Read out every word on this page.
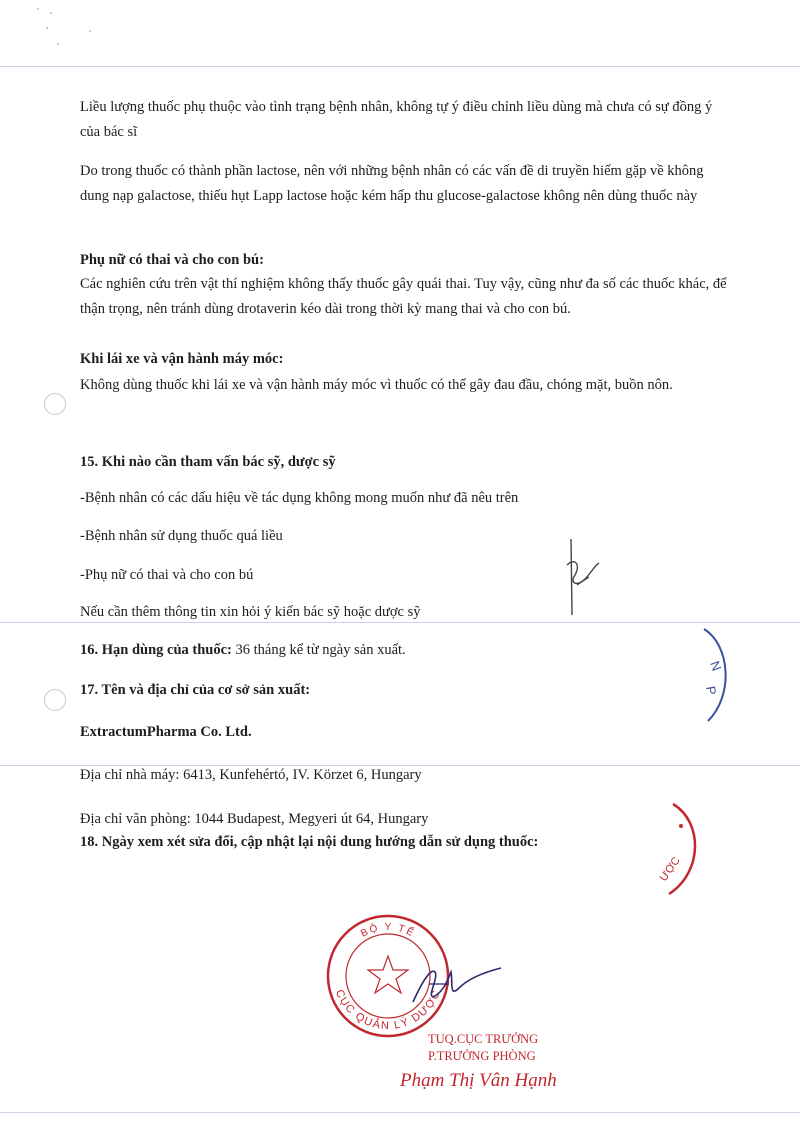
Liều lượng thuốc phụ thuộc vào tình trạng bệnh nhân, không tự ý điều chỉnh liều dùng mà chưa có sự đồng ý của bác sĩ

Do trong thuốc có thành phần lactose, nên với những bệnh nhân có các vấn đề di truyền hiếm gặp về không dung nạp galactose, thiếu hụt Lapp lactose hoặc kém hấp thu glucose-galactose không nên dùng thuốc này

Phụ nữ có thai và cho con bú:

Các nghiên cứu trên vật thí nghiệm không thấy thuốc gây quái thai. Tuy vậy, cũng như đa số các thuốc khác, để thận trọng, nên tránh dùng drotaverin kéo dài trong thời kỳ mang thai và cho con bú.

Khi lái xe và vận hành máy móc:

Không dùng thuốc khi lái xe và vận hành máy móc vì thuốc có thể gây đau đầu, chóng mặt, buồn nôn.

15. Khi nào cần tham vấn bác sỹ, dược sỹ

-Bệnh nhân có các dấu hiệu về tác dụng không mong muốn như đã nêu trên

-Bệnh nhân sử dụng thuốc quá liều

-Phụ nữ có thai và cho con bú

Nếu cần thêm thông tin xin hỏi ý kiến bác sỹ hoặc dược sỹ

16. Hạn dùng của thuốc: 36 tháng kể từ ngày sản xuất.

17. Tên và địa chỉ của cơ sở sản xuất:

ExtractumPharma Co. Ltd.

Địa chỉ nhà máy: 6413, Kunfehértó, IV. Körzet 6, Hungary

Địa chỉ văn phòng: 1044 Budapest, Megyeri út 64, Hungary

18. Ngày xem xét sửa đổi, cập nhật lại nội dung hướng dẫn sử dụng thuốc:

N
P
ƯỢC
BỘ Y TẾ
CỤC QUẢN LÝ DƯỢC
TUQ.CỤC TRƯỞNG
P.TRƯỞNG PHÒNG
Phạm Thị Vân Hạnh
